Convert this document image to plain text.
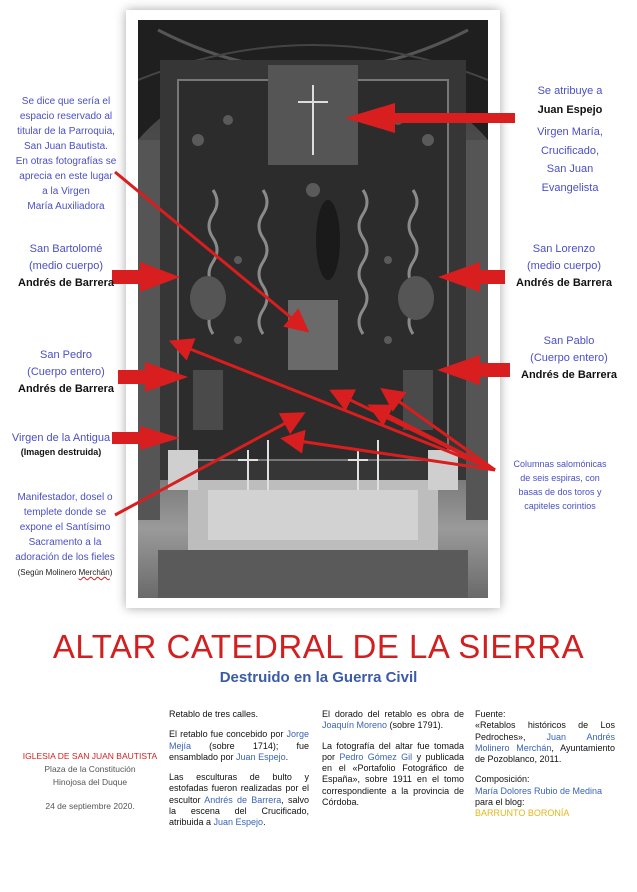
Se dice que sería el
espacio reservado al
titular de la Parroquia,
San Juan Bautista.
En otras fotografías se
aprecia en este lugar
a la Virgen
María Auxiliadora
San Bartolomé
(medio cuerpo)
Andrés de Barrera
San Pedro
(Cuerpo entero)
Andrés de Barrera
Virgen de la Antigua
(Imagen destruida)
Manifestador, dosel o
templete donde se
expone el Santísimo
Sacramento a la
adoración de los fieles
(Según Molinero Merchán)
Se atribuye a
Juan Espejo
Virgen María,
Crucificado,
San Juan
Evangelista
San Lorenzo
(medio cuerpo)
Andrés de Barrera
San Pablo
(Cuerpo entero)
Andrés de Barrera
Columnas salomónicas
de seis espiras, con
basas de dos toros y
capiteles corintios
ALTAR CATEDRAL DE LA SIERRA
Destruido en la Guerra Civil
IGLESIA DE SAN JUAN BAUTISTA
Plaza de la Constitución
Hinojosa del Duque
24 de septiembre 2020.

Retablo de tres calles.

El retablo fue concebido por Jorge Mejía (sobre 1714); fue ensamblado por Juan Espejo.

Las esculturas de bulto y estofadas fueron realizadas por el escultor Andrés de Barrera, salvo la escena del Crucificado, atribuida a Juan Espejo.

El dorado del retablo es obra de Joaquín Moreno (sobre 1791).

La fotografía del altar fue tomada por Pedro Gómez Gil y publicada en el «Portafolio Fotográfico de España», sobre 1911 en el tomo correspondiente a la provincia de Córdoba.

Fuente:

«Retablos históricos de Los Pedroches», Juan Andrés Molinero Merchán, Ayuntamiento de Pozoblanco, 2011.

Composición:
María Dolores Rubio de Medina
para el blog:
BARRUNTO BORONÍA
